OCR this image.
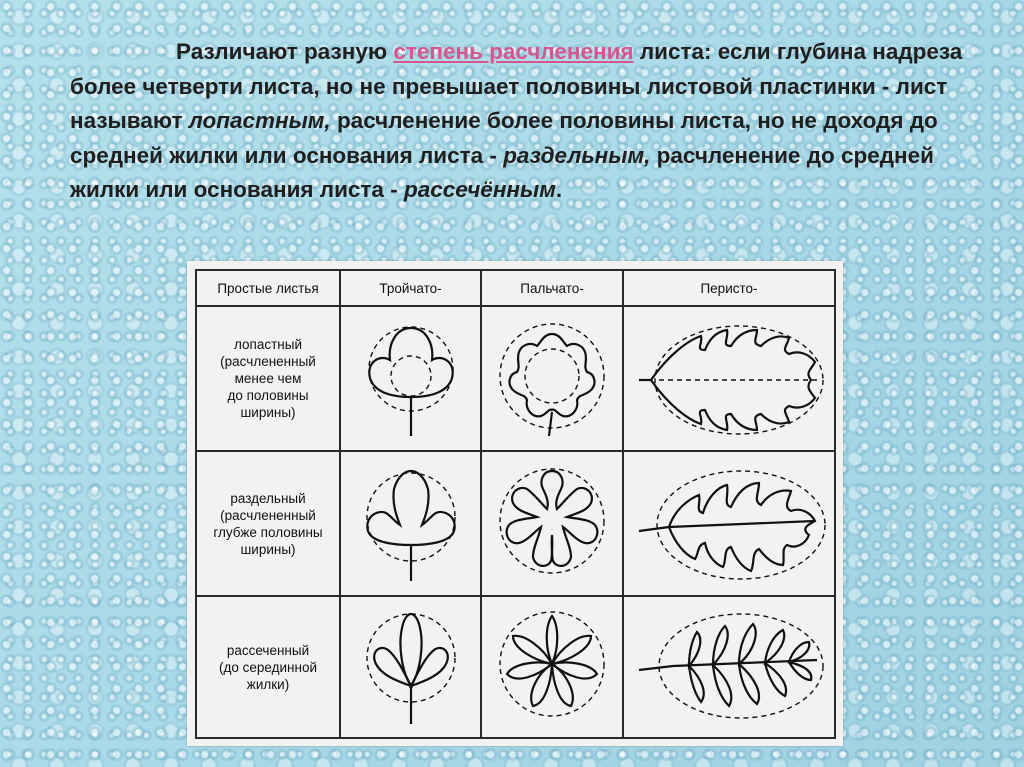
Различают разную степень расчленения листа: если глубина надреза более четверти листа, но не превышает половины листовой пластинки - лист называют лопастным, расчленение более половины листа, но не доходя до средней жилки или основания листа - раздельным, расчленение до средней жилки или основания листа - рассечённым.

Простые листья	Тройчато-	Пальчато-	Перисто-
лопастный
(расчлененный
менее чем
до половины
ширины)	

раздельный
(расчлененный
глубже половины
ширины)	

рассеченный
(до серединной
жилки)	
